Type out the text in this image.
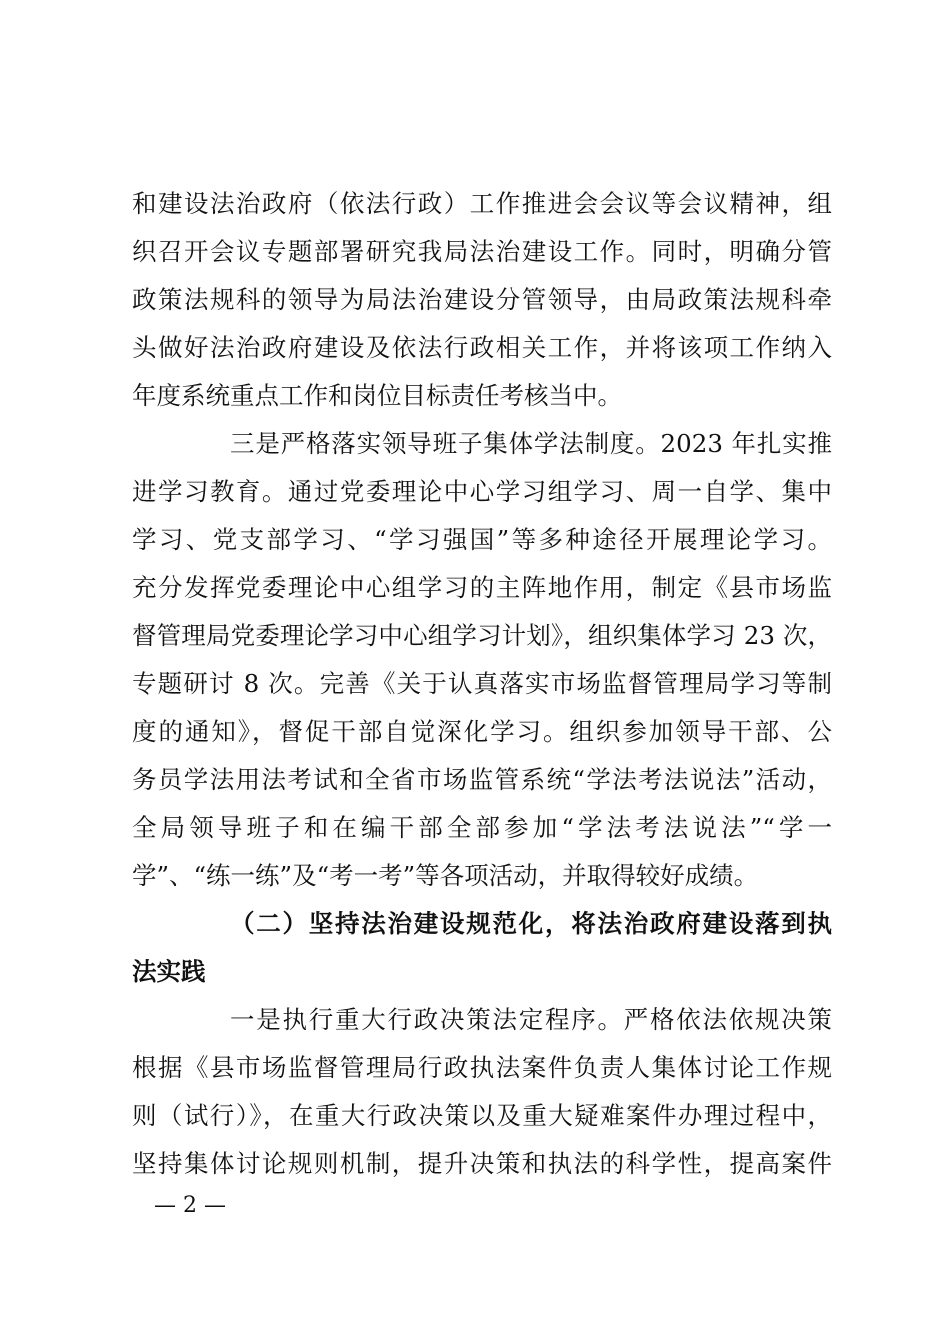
和建设法治政府（依法行政）工作推进会会议等会议精神，组
织召开会议专题部署研究我局法治建设工作。同时，明确分管
政策法规科的领导为局法治建设分管领导，由局政策法规科牵
头做好法治政府建设及依法行政相关工作，并将该项工作纳入
年度系统重点工作和岗位目标责任考核当中。
三是严格落实领导班子集体学法制度。2023 年扎实推
进学习教育。通过党委理论中心学习组学习、周一自学、集中
学习、党支部学习、“学习强国”等多种途径开展理论学习。
充分发挥党委理论中心组学习的主阵地作用，制定《县市场监
督管理局党委理论学习中心组学习计划》，组织集体学习 23 次，
专题研讨 8 次。完善《关于认真落实市场监督管理局学习等制
度的通知》，督促干部自觉深化学习。组织参加领导干部、公
务员学法用法考试和全省市场监管系统“学法考法说法”活动，
全局领导班子和在编干部全部参加“学法考法说法”“学一
学”、“练一练”及“考一考”等各项活动，并取得较好成绩。
（二）坚持法治建设规范化，将法治政府建设落到执
法实践
一是执行重大行政决策法定程序。严格依法依规决策
根据《县市场监督管理局行政执法案件负责人集体讨论工作规
则（试行）》，在重大行政决策以及重大疑难案件办理过程中，
坚持集体讨论规则机制，提升决策和执法的科学性，提高案件
— 2 —
